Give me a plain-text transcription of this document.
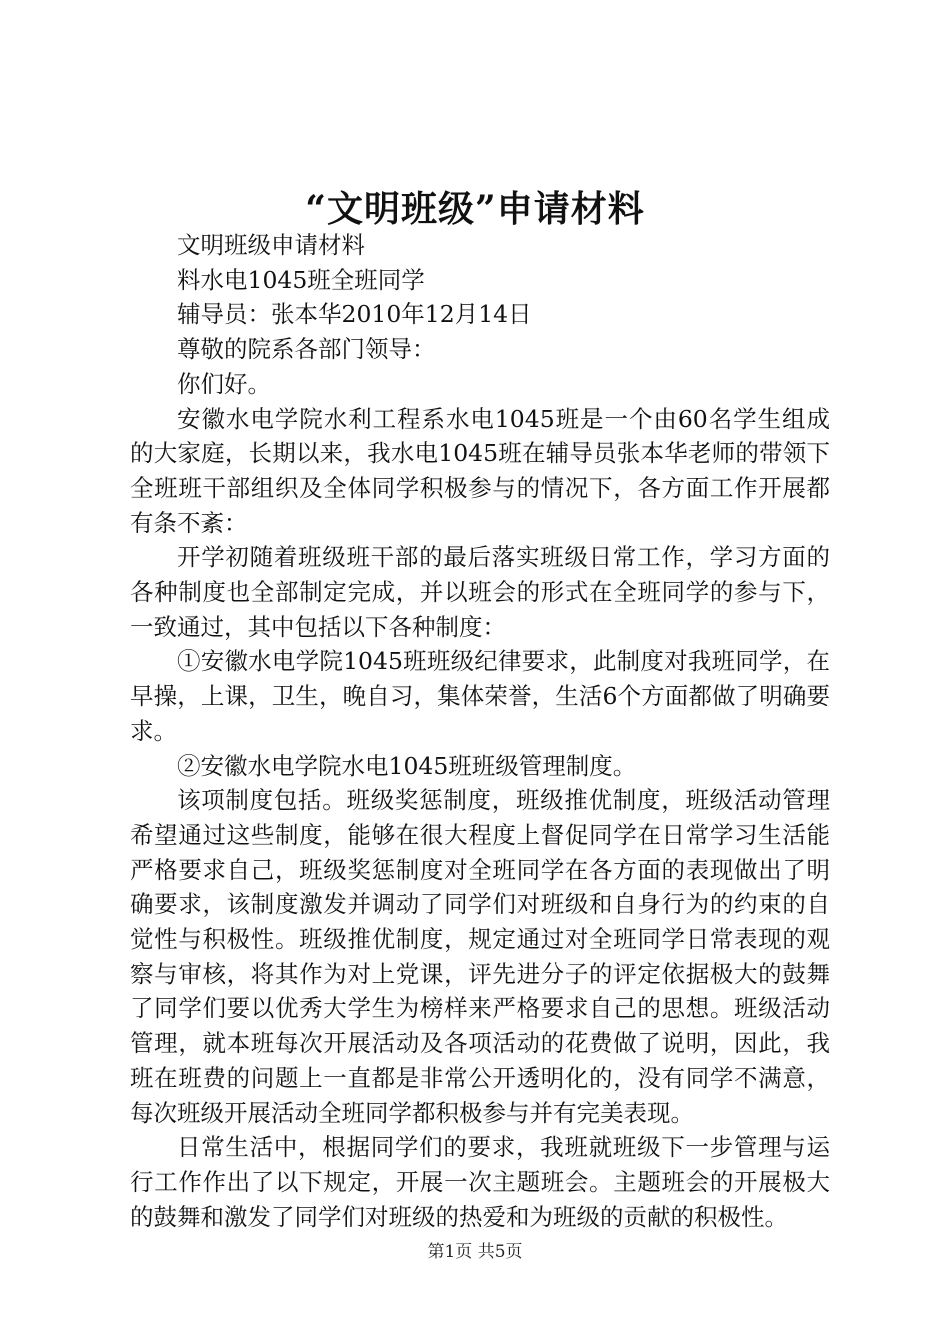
“文明班级”申请材料

文明班级申请材料

料水电1045班全班同学

辅导员：张本华2010年12月14日

尊敬的院系各部门领导：

你们好。

安徽水电学院水利工程系水电1045班是一个由60名学生组成的大家庭，长期以来，我水电1045班在辅导员张本华老师的带领下全班班干部组织及全体同学积极参与的情况下，各方面工作开展都有条不紊：

开学初随着班级班干部的最后落实班级日常工作，学习方面的各种制度也全部制定完成，并以班会的形式在全班同学的参与下，一致通过，其中包括以下各种制度：

①安徽水电学院1045班班级纪律要求，此制度对我班同学，在早操，上课，卫生，晚自习，集体荣誉，生活6个方面都做了明确要求。

②安徽水电学院水电1045班班级管理制度。

该项制度包括。班级奖惩制度，班级推优制度，班级活动管理希望通过这些制度，能够在很大程度上督促同学在日常学习生活能严格要求自己，班级奖惩制度对全班同学在各方面的表现做出了明确要求，该制度激发并调动了同学们对班级和自身行为的约束的自觉性与积极性。班级推优制度，规定通过对全班同学日常表现的观察与审核，将其作为对上党课，评先进分子的评定依据极大的鼓舞了同学们要以优秀大学生为榜样来严格要求自己的思想。班级活动管理，就本班每次开展活动及各项活动的花费做了说明，因此，我班在班费的问题上一直都是非常公开透明化的，没有同学不满意，每次班级开展活动全班同学都积极参与并有完美表现。

日常生活中，根据同学们的要求，我班就班级下一步管理与运行工作作出了以下规定，开展一次主题班会。主题班会的开展极大的鼓舞和激发了同学们对班级的热爱和为班级的贡献的积极性。

第1页 共5页
